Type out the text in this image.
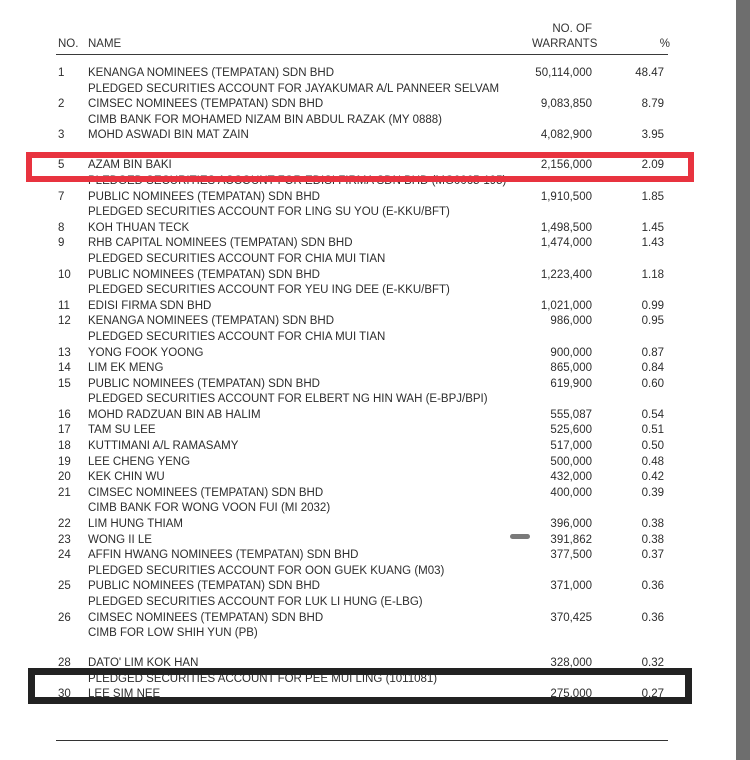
NO. NAME
NO. OF
WARRANTS	%
1	KENANGA NOMINEES (TEMPATAN) SDN BHD	50,114,000	48.47
PLEDGED SECURITIES ACCOUNT FOR JAYAKUMAR A/L PANNEER SELVAM
2	CIMSEC NOMINEES (TEMPATAN) SDN BHD	9,083,850	8.79
CIMB BANK FOR MOHAMED NIZAM BIN ABDUL RAZAK (MY 0888)
3	MOHD ASWADI BIN MAT ZAIN	4,082,900	3.95
5	AZAM BIN BAKI	2,156,000	2.09
PLEDGED SECURITIES ACCOUNT FOR EDISI FIRMA SDN BHD (MG0065-195)
7	PUBLIC NOMINEES (TEMPATAN) SDN BHD	1,910,500	1.85
PLEDGED SECURITIES ACCOUNT FOR LING SU YOU (E-KKU/BFT)
8	KOH THUAN TECK	1,498,500	1.45
9	RHB CAPITAL NOMINEES (TEMPATAN) SDN BHD	1,474,000	1.43
PLEDGED SECURITIES ACCOUNT FOR CHIA MUI TIAN
10	PUBLIC NOMINEES (TEMPATAN) SDN BHD	1,223,400	1.18
PLEDGED SECURITIES ACCOUNT FOR YEU ING DEE (E-KKU/BFT)
11	EDISI FIRMA SDN BHD	1,021,000	0.99
12	KENANGA NOMINEES (TEMPATAN) SDN BHD	986,000	0.95
PLEDGED SECURITIES ACCOUNT FOR CHIA MUI TIAN
13	YONG FOOK YOONG	900,000	0.87
14	LIM EK MENG	865,000	0.84
15	PUBLIC NOMINEES (TEMPATAN) SDN BHD	619,900	0.60
PLEDGED SECURITIES ACCOUNT FOR ELBERT NG HIN WAH (E-BPJ/BPI)
16	MOHD RADZUAN BIN AB HALIM	555,087	0.54
17	TAM SU LEE	525,600	0.51
18	KUTTIMANI A/L RAMASAMY	517,000	0.50
19	LEE CHENG YENG	500,000	0.48
20	KEK CHIN WU	432,000	0.42
21	CIMSEC NOMINEES (TEMPATAN) SDN BHD	400,000	0.39
CIMB BANK FOR WONG VOON FUI (MI 2032)
22	LIM HUNG THIAM	396,000	0.38
23	WONG II LE	391,862	0.38
24	AFFIN HWANG NOMINEES (TEMPATAN) SDN BHD	377,500	0.37
PLEDGED SECURITIES ACCOUNT FOR OON GUEK KUANG (M03)
25	PUBLIC NOMINEES (TEMPATAN) SDN BHD	371,000	0.36
PLEDGED SECURITIES ACCOUNT FOR LUK LI HUNG (E-LBG)
26	CIMSEC NOMINEES (TEMPATAN) SDN BHD	370,425	0.36
CIMB FOR LOW SHIH YUN (PB)
28	DATO' LIM KOK HAN	328,000	0.32
PLEDGED SECURITIES ACCOUNT FOR PEE MUI LING (1011081)
30	LEE SIM NEE	275,000	0.27
